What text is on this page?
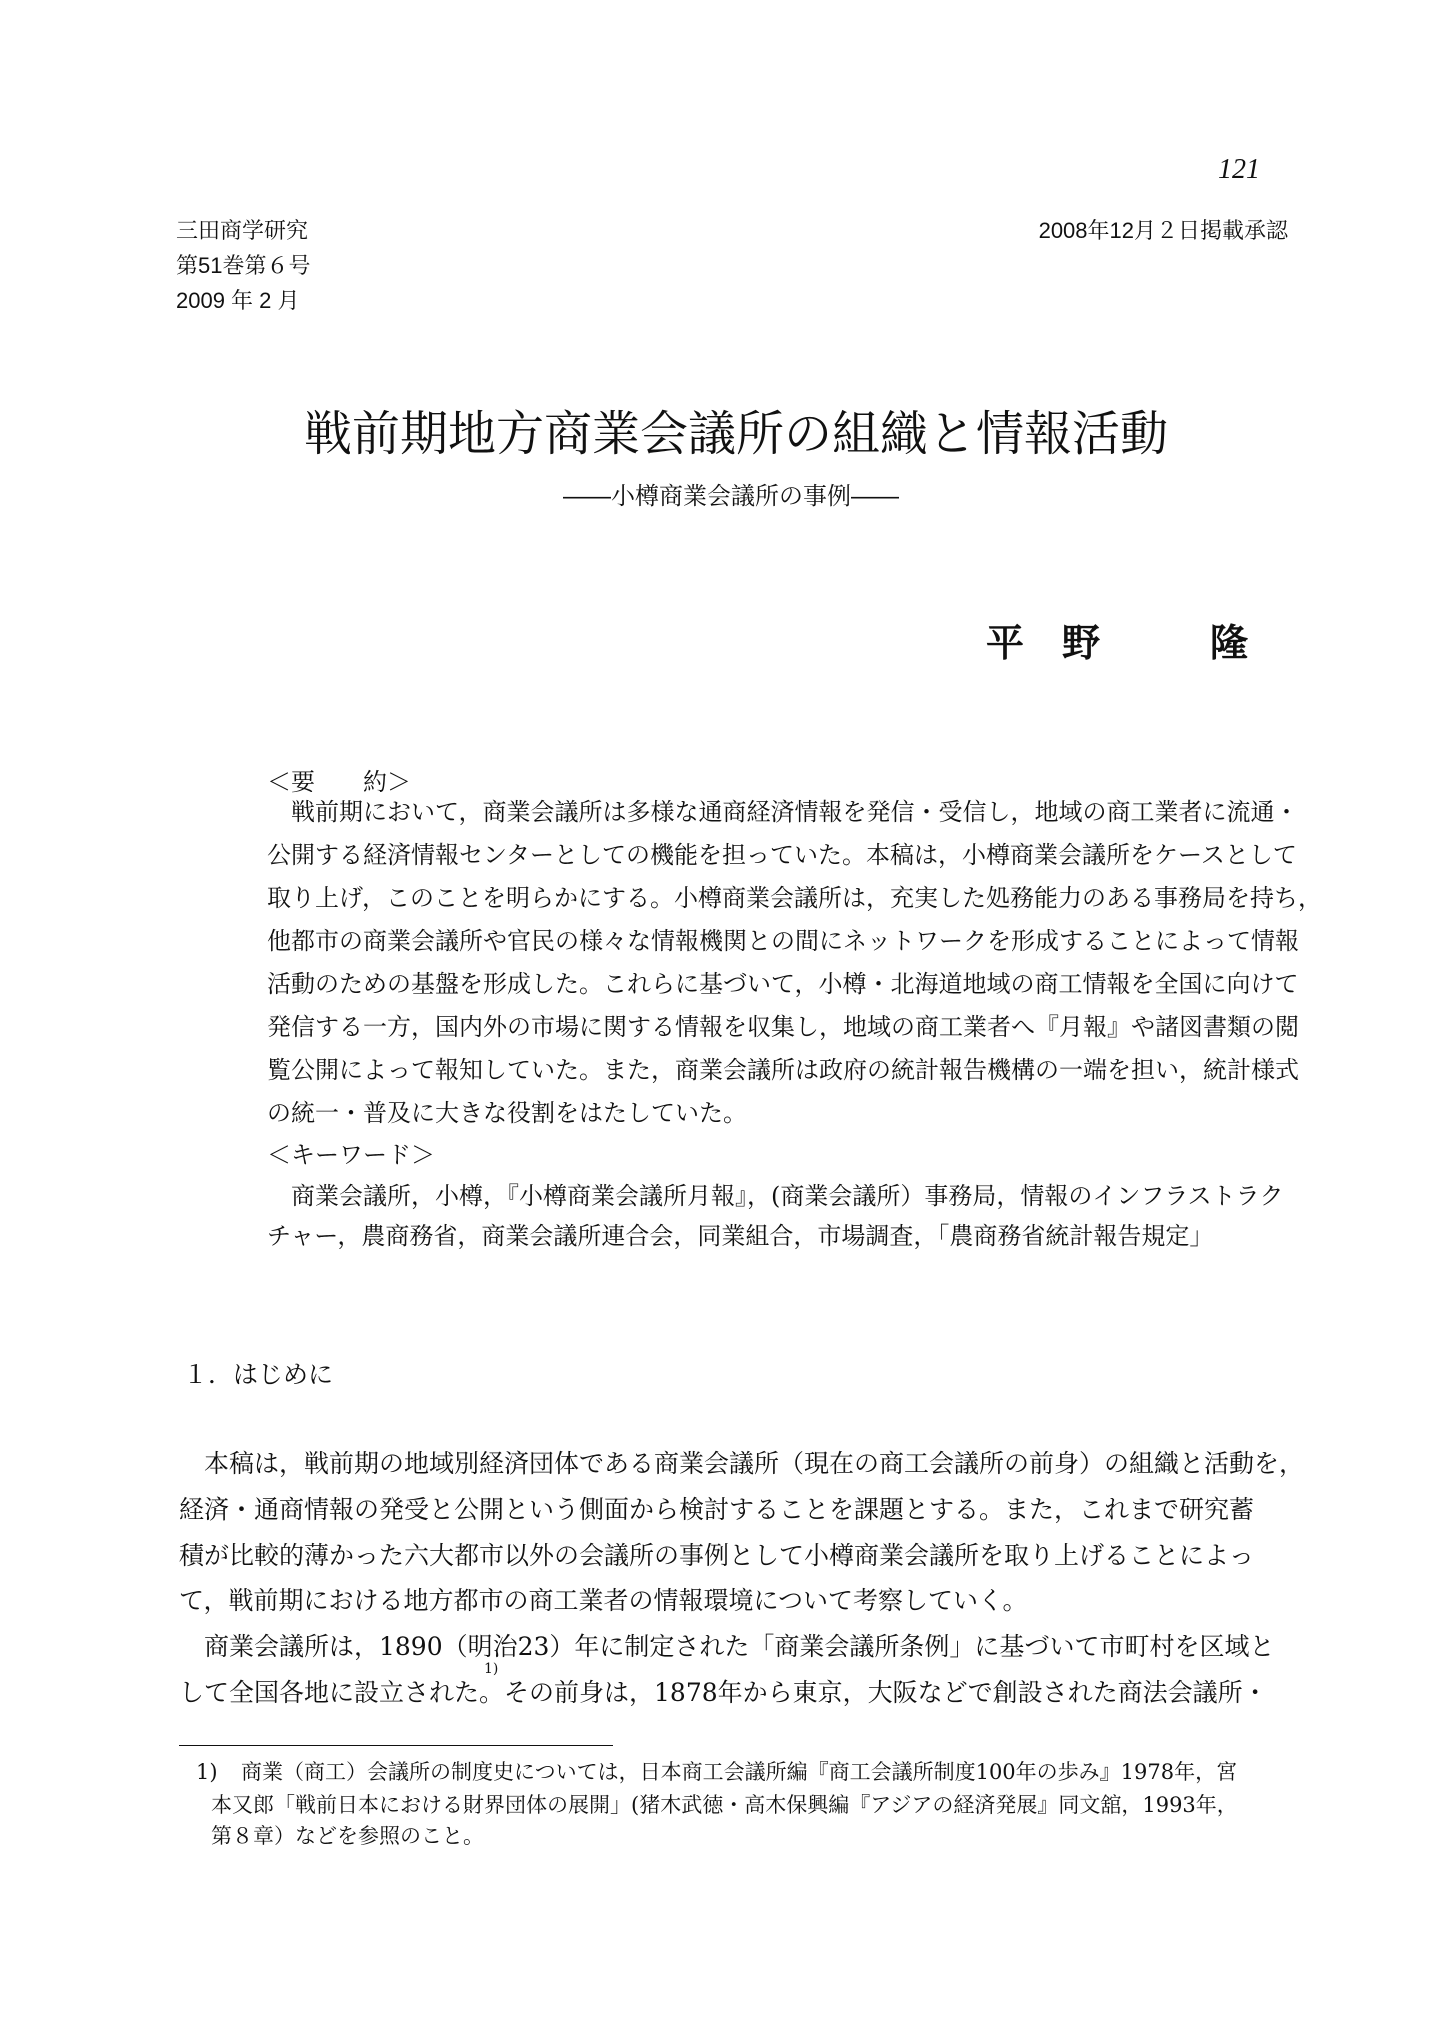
121
三田商学研究
第51巻第６号
2009 年 2 月
2008年12月２日掲載承認
戦前期地方商業会議所の組織と情報活動
――小樽商業会議所の事例――
平　野	隆
＜要　　約＞
　戦前期において，商業会議所は多様な通商経済情報を発信・受信し，地域の商工業者に流通・
公開する経済情報センターとしての機能を担っていた。本稿は，小樽商業会議所をケースとして
取り上げ，このことを明らかにする。小樽商業会議所は，充実した処務能力のある事務局を持ち，
他都市の商業会議所や官民の様々な情報機関との間にネットワークを形成することによって情報
活動のための基盤を形成した。これらに基づいて，小樽・北海道地域の商工情報を全国に向けて
発信する一方，国内外の市場に関する情報を収集し，地域の商工業者へ『月報』や諸図書類の閲
覧公開によって報知していた。また，商業会議所は政府の統計報告機構の一端を担い，統計様式
の統一・普及に大きな役割をはたしていた。
＜キーワード＞
　商業会議所，小樽，『小樽商業会議所月報』，(商業会議所）事務局，情報のインフラストラク
チャー，農商務省，商業会議所連合会，同業組合，市場調査，「農商務省統計報告規定」
１．はじめに
　本稿は，戦前期の地域別経済団体である商業会議所（現在の商工会議所の前身）の組織と活動を，
経済・通商情報の発受と公開という側面から検討することを課題とする。また，これまで研究蓄
積が比較的薄かった六大都市以外の会議所の事例として小樽商業会議所を取り上げることによっ
て，戦前期における地方都市の商工業者の情報環境について考察していく。
　商業会議所は，1890（明治23）年に制定された「商業会議所条例」に基づいて市町村を区域と
して全国各地に設立された。その前身は，1878年から東京，大阪などで創設された商法会議所・
1)
1) 商業（商工）会議所の制度史については，日本商工会議所編『商工会議所制度100年の歩み』1978年，宮
本又郎「戦前日本における財界団体の展開」(猪木武徳・高木保興編『アジアの経済発展』同文舘，1993年，
第８章）などを参照のこと。
